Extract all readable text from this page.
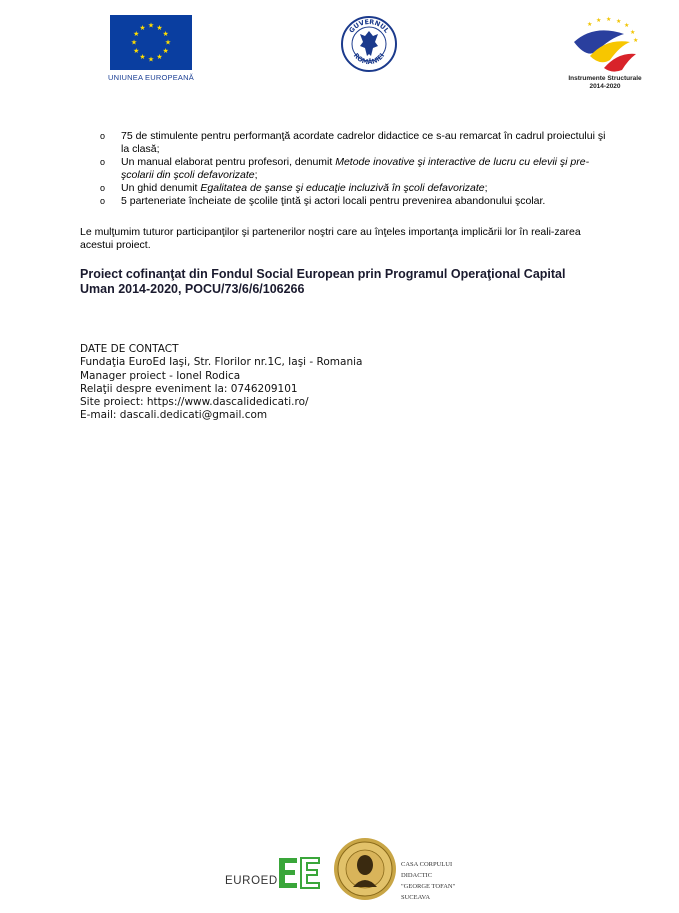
★ ★
★
★
★
★
★
★
★
★
★
★
UNIUNEA EUROPEANĂ
GUVERNUL
ROMÂNIEI
★ ★
★
★
★
★
★
Instrumente Structurale
2014-2020
o 75 de stimulente pentru performanţă acordate cadrelor didactice ce s-au remarcat în cadrul proiectului şi la clasă;
o Un manual elaborat pentru profesori, denumit Metode inovative şi interactive de lucru cu elevii şi pre-şcolarii din şcoli defavorizate;
o Un ghid denumit Egalitatea de şanse şi educaţie incluzivă în şcoli defavorizate;
o 5 parteneriate încheiate de şcolile ţintă şi actori locali pentru prevenirea abandonului şcolar.

Le mulţumim tuturor participanţilor şi partenerilor noştri care au înţeles importanţa implicării lor în reali-zarea acestui proiect.

Proiect cofinanţat din Fondul Social European prin Programul Operaţional Capital Uman 2014-2020, POCU/73/6/6/106266

DATE DE CONTACT
Fundaţia EuroEd Iaşi, Str. Florilor nr.1C, Iaşi - Romania
Manager proiect - Ionel Rodica
Relaţii despre eveniment la: 0746209101
Site proiect: https://www.dascalidedicati.ro/
E-mail: dascali.dedicati@gmail.com
EUROED
CASA CORPULUI DIDACTIC
"GEORGE TOFAN" SUCEAVA
